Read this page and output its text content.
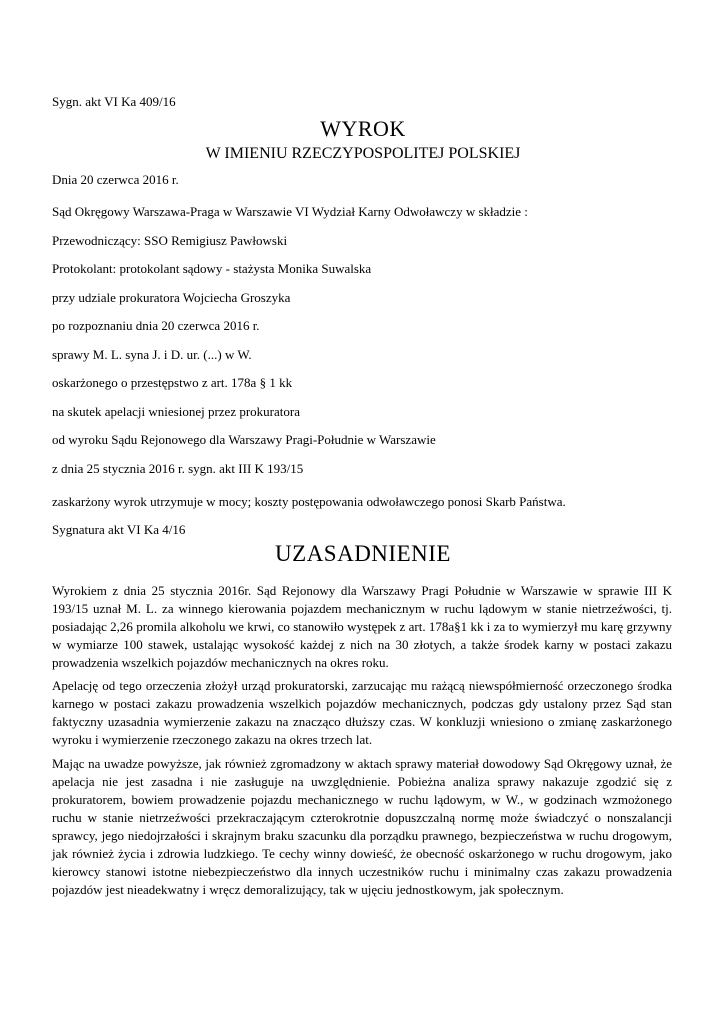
Sygn. akt VI Ka 409/16
WYROK
W IMIENIU RZECZYPOSPOLITEJ POLSKIEJ
Dnia 20 czerwca 2016 r.
Sąd Okręgowy Warszawa-Praga w Warszawie VI Wydział Karny Odwoławczy w składzie :
Przewodniczący: SSO Remigiusz Pawłowski
Protokolant: protokolant sądowy - stażysta Monika Suwalska
przy udziale prokuratora Wojciecha Groszyka
po rozpoznaniu dnia 20 czerwca 2016 r.
sprawy M. L. syna J. i D. ur. (...) w W.
oskarżonego o przestępstwo z art. 178a § 1 kk
na skutek apelacji wniesionej przez prokuratora
od wyroku Sądu Rejonowego dla Warszawy Pragi-Południe w Warszawie
z dnia 25 stycznia 2016 r. sygn. akt III K 193/15
zaskarżony wyrok utrzymuje w mocy; koszty postępowania odwoławczego ponosi Skarb Państwa.
Sygnatura akt VI Ka 4/16
UZASADNIENIE

Wyrokiem z dnia 25 stycznia 2016r. Sąd Rejonowy dla Warszawy Pragi Południe w Warszawie w sprawie III K 193/15 uznał M. L. za winnego kierowania pojazdem mechanicznym w ruchu lądowym w stanie nietrzeźwości, tj. posiadając 2,26 promila alkoholu we krwi, co stanowiło występek z art. 178a§1 kk i za to wymierzył mu karę grzywny w wymiarze 100 stawek, ustalając wysokość każdej z nich na 30 złotych, a także środek karny w postaci zakazu prowadzenia wszelkich pojazdów mechanicznych na okres roku.

Apelację od tego orzeczenia złożył urząd prokuratorski, zarzucając mu rażącą niewspółmierność orzeczonego środka karnego w postaci zakazu prowadzenia wszelkich pojazdów mechanicznych, podczas gdy ustalony przez Sąd stan faktyczny uzasadnia wymierzenie zakazu na znacząco dłuższy czas. W konkluzji wniesiono o zmianę zaskarżonego wyroku i wymierzenie rzeczonego zakazu na okres trzech lat.

Mając na uwadze powyższe, jak również zgromadzony w aktach sprawy materiał dowodowy Sąd Okręgowy uznał, że apelacja nie jest zasadna i nie zasługuje na uwzględnienie. Pobieżna analiza sprawy nakazuje zgodzić się z prokuratorem, bowiem prowadzenie pojazdu mechanicznego w ruchu lądowym, w W., w godzinach wzmożonego ruchu w stanie nietrzeźwości przekraczającym czterokrotnie dopuszczalną normę może świadczyć o nonszalancji sprawcy, jego niedojrzałości i skrajnym braku szacunku dla porządku prawnego, bezpieczeństwa w ruchu drogowym, jak również życia i zdrowia ludzkiego. Te cechy winny dowieść, że obecność oskarżonego w ruchu drogowym, jako kierowcy stanowi istotne niebezpieczeństwo dla innych uczestników ruchu i minimalny czas zakazu prowadzenia pojazdów jest nieadekwatny i wręcz demoralizujący, tak w ujęciu jednostkowym, jak społecznym.
